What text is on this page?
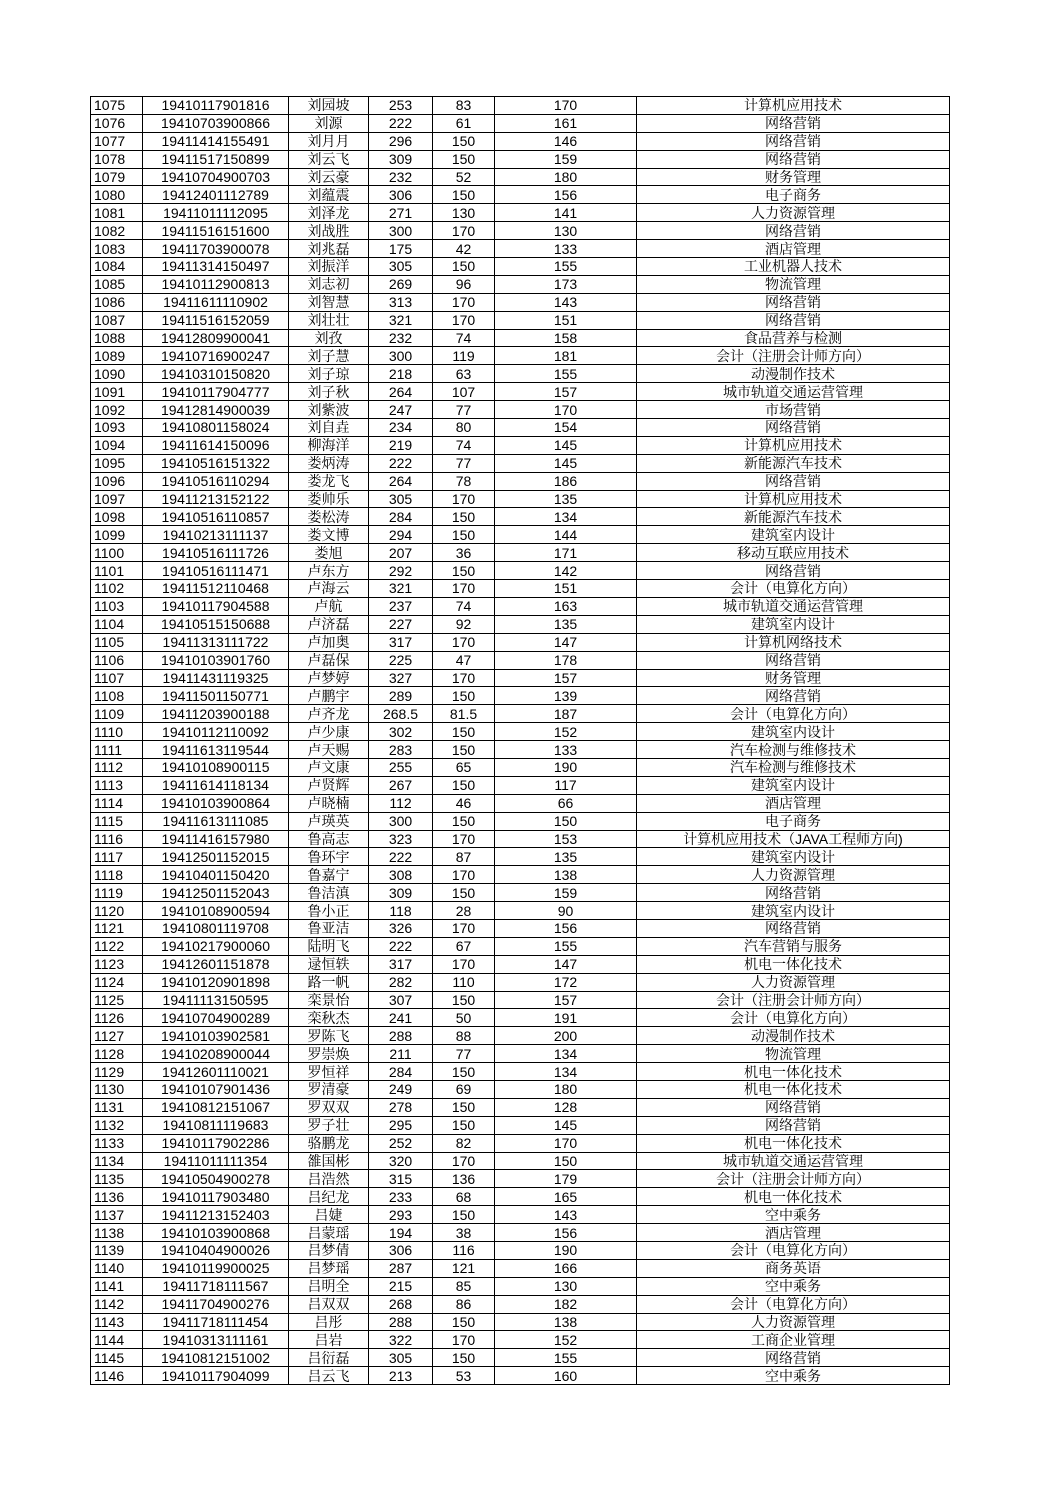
1075	19410117901816	刘园坡	253	83	170	计算机应用技术
1076	19410703900866	刘源	222	61	161	网络营销
1077	19411414155491	刘月月	296	150	146	网络营销
1078	19411517150899	刘云飞	309	150	159	网络营销
1079	19410704900703	刘云豪	232	52	180	财务管理
1080	19412401112789	刘蕴震	306	150	156	电子商务
1081	19411011112095	刘泽龙	271	130	141	人力资源管理
1082	19411516151600	刘战胜	300	170	130	网络营销
1083	19411703900078	刘兆磊	175	42	133	酒店管理
1084	19411314150497	刘振洋	305	150	155	工业机器人技术
1085	19410112900813	刘志初	269	96	173	物流管理
1086	19411611110902	刘智慧	313	170	143	网络营销
1087	19411516152059	刘壮壮	321	170	151	网络营销
1088	19412809900041	刘孜	232	74	158	食品营养与检测
1089	19410716900247	刘子慧	300	119	181	会计（注册会计师方向）
1090	19410310150820	刘子琼	218	63	155	动漫制作技术
1091	19410117904777	刘子秋	264	107	157	城市轨道交通运营管理
1092	19412814900039	刘紫波	247	77	170	市场营销
1093	19410801158024	刘自垚	234	80	154	网络营销
1094	19411614150096	柳海洋	219	74	145	计算机应用技术
1095	19410516151322	娄炳涛	222	77	145	新能源汽车技术
1096	19410516110294	娄龙飞	264	78	186	网络营销
1097	19411213152122	娄帅乐	305	170	135	计算机应用技术
1098	19410516110857	娄松涛	284	150	134	新能源汽车技术
1099	19410213111137	娄文博	294	150	144	建筑室内设计
1100	19410516111726	娄旭	207	36	171	移动互联应用技术
1101	19410516111471	卢东方	292	150	142	网络营销
1102	19411512110468	卢海云	321	170	151	会计（电算化方向）
1103	19410117904588	卢航	237	74	163	城市轨道交通运营管理
1104	19410515150688	卢济磊	227	92	135	建筑室内设计
1105	19411313111722	卢加奥	317	170	147	计算机网络技术
1106	19410103901760	卢磊保	225	47	178	网络营销
1107	19411431119325	卢梦婷	327	170	157	财务管理
1108	19411501150771	卢鹏宇	289	150	139	网络营销
1109	19411203900188	卢齐龙	268.5	81.5	187	会计（电算化方向）
1110	19410112110092	卢少康	302	150	152	建筑室内设计
1111	19411613119544	卢天赐	283	150	133	汽车检测与维修技术
1112	19410108900115	卢文康	255	65	190	汽车检测与维修技术
1113	19411614118134	卢贤辉	267	150	117	建筑室内设计
1114	19410103900864	卢晓楠	112	46	66	酒店管理
1115	19411613111085	卢瑛英	300	150	150	电子商务
1116	19411416157980	鲁高志	323	170	153	计算机应用技术（JAVA工程师方向)
1117	19412501152015	鲁环宇	222	87	135	建筑室内设计
1118	19410401150420	鲁嘉宁	308	170	138	人力资源管理
1119	19412501152043	鲁洁滇	309	150	159	网络营销
1120	19410108900594	鲁小正	118	28	90	建筑室内设计
1121	19410801119708	鲁亚洁	326	170	156	网络营销
1122	19410217900060	陆明飞	222	67	155	汽车营销与服务
1123	19412601151878	逯恒轶	317	170	147	机电一体化技术
1124	19410120901898	路一帆	282	110	172	人力资源管理
1125	19411113150595	栾景怡	307	150	157	会计（注册会计师方向）
1126	19410704900289	栾秋杰	241	50	191	会计（电算化方向）
1127	19410103902581	罗陈飞	288	88	200	动漫制作技术
1128	19410208900044	罗崇焕	211	77	134	物流管理
1129	19412601110021	罗恒祥	284	150	134	机电一体化技术
1130	19410107901436	罗清豪	249	69	180	机电一体化技术
1131	19410812151067	罗双双	278	150	128	网络营销
1132	19410811119683	罗子壮	295	150	145	网络营销
1133	19410117902286	骆鹏龙	252	82	170	机电一体化技术
1134	19411011111354	雒国彬	320	170	150	城市轨道交通运营管理
1135	19410504900278	吕浩然	315	136	179	会计（注册会计师方向）
1136	19410117903480	吕纪龙	233	68	165	机电一体化技术
1137	19411213152403	吕婕	293	150	143	空中乘务
1138	19410103900868	吕蒙瑶	194	38	156	酒店管理
1139	19410404900026	吕梦倩	306	116	190	会计（电算化方向）
1140	19410119900025	吕梦瑶	287	121	166	商务英语
1141	19411718111567	吕明全	215	85	130	空中乘务
1142	19411704900276	吕双双	268	86	182	会计（电算化方向）
1143	19411718111454	吕彤	288	150	138	人力资源管理
1144	19410313111161	吕岩	322	170	152	工商企业管理
1145	19410812151002	吕衍磊	305	150	155	网络营销
1146	19410117904099	吕云飞	213	53	160	空中乘务
